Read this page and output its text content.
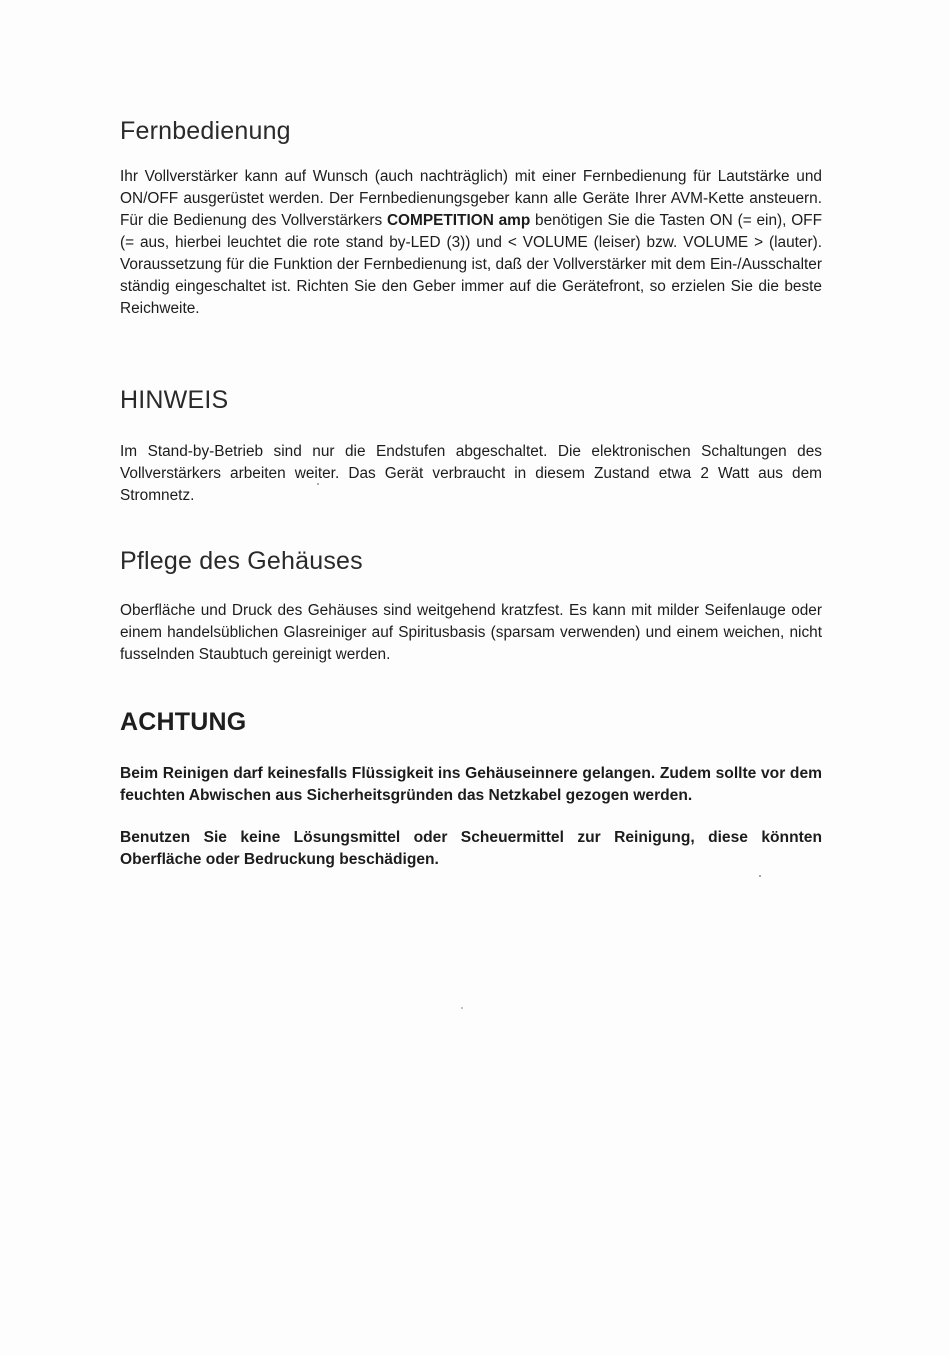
Fernbedienung

Ihr Vollverstärker kann auf Wunsch (auch nachträglich) mit einer Fernbedienung für Lautstärke und ON/OFF ausgerüstet werden. Der Fernbedienungsgeber kann alle Geräte Ihrer AVM-Kette ansteuern. Für die Bedienung des Vollverstärkers COMPETITION amp benötigen Sie die Tasten ON (= ein), OFF (= aus, hierbei leuchtet die rote stand by-LED (3)) und < VOLUME (leiser) bzw. VOLUME > (lauter). Voraussetzung für die Funktion der Fernbedienung ist, daß der Vollverstärker mit dem Ein-/Ausschalter ständig eingeschaltet ist. Richten Sie den Geber immer auf die Gerätefront, so erzielen Sie die beste Reichweite.

HINWEIS

Im Stand-by-Betrieb sind nur die Endstufen abgeschaltet. Die elektronischen Schaltungen des Vollverstärkers arbeiten weiter. Das Gerät verbraucht in diesem Zustand etwa 2 Watt aus dem Stromnetz.

Pflege des Gehäuses

Oberfläche und Druck des Gehäuses sind weitgehend kratzfest. Es kann mit milder Seifenlauge oder einem handelsüblichen Glasreiniger auf Spiritusbasis (sparsam verwenden) und einem weichen, nicht fusselnden Staubtuch gereinigt werden.

ACHTUNG

Beim Reinigen darf keinesfalls Flüssigkeit ins Gehäuseinnere gelangen. Zudem sollte vor dem feuchten Abwischen aus Sicherheitsgründen das Netzkabel gezogen werden.

Benutzen Sie keine Lösungsmittel oder Scheuermittel zur Reinigung, diese könnten Oberfläche oder Bedruckung beschädigen.
